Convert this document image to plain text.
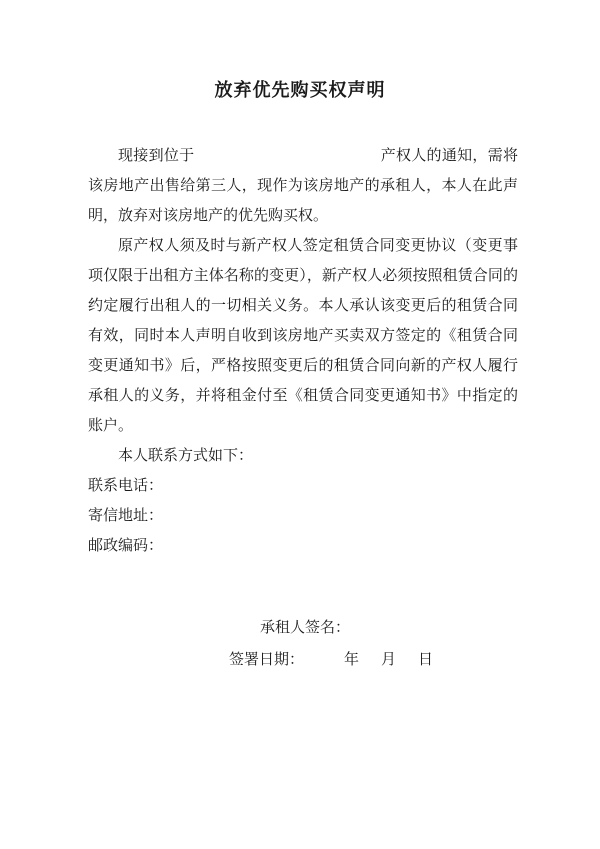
放弃优先购买权声明

现接到位于	产权人的通知，需将该房地产出售给第三人，现作为该房地产的承租人，本人在此声明，放弃对该房地产的优先购买权。

原产权人须及时与新产权人签定租赁合同变更协议（变更事项仅限于出租方主体名称的变更），新产权人必须按照租赁合同的约定履行出租人的一切相关义务。本人承认该变更后的租赁合同有效，同时本人声明自收到该房地产买卖双方签定的《租赁合同变更通知书》后，严格按照变更后的租赁合同向新的产权人履行承租人的义务，并将租金付至《租赁合同变更通知书》中指定的账户。

本人联系方式如下：

联系电话：

寄信地址：

邮政编码：

承租人签名：
签署日期：	年 月 日
